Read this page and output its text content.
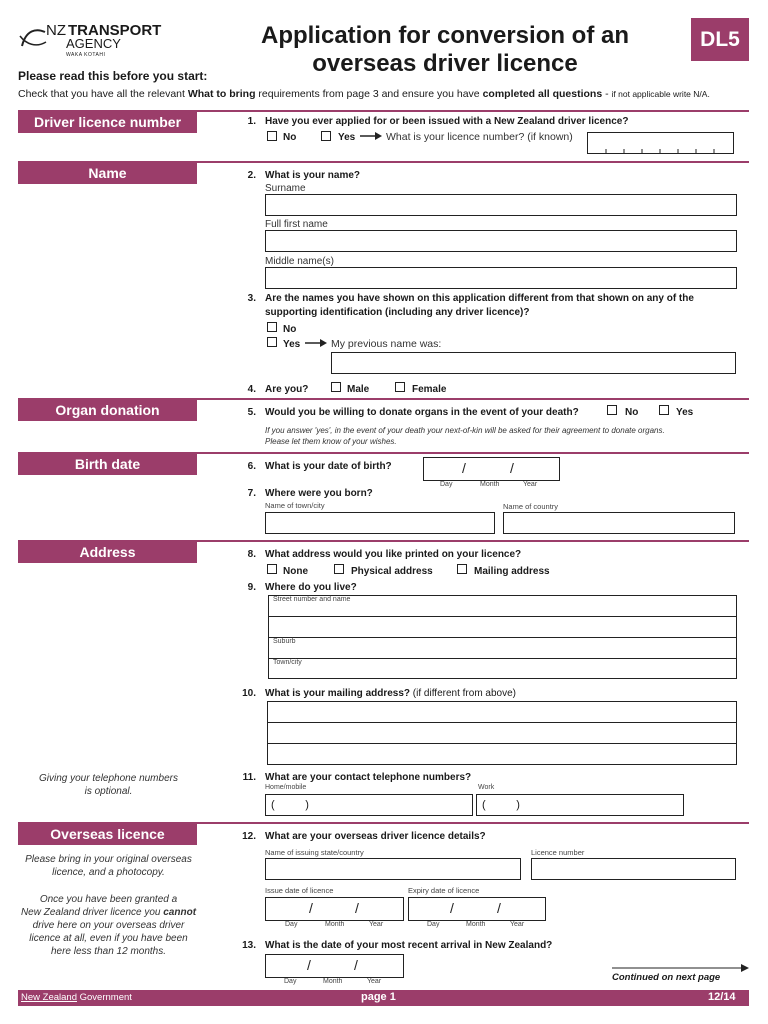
NZ TRANSPORT
AGENCY
WAKA KOTAHI
Application for conversion of an
overseas driver licence
DL5
Please read this before you start:
Check that you have all the relevant What to bring requirements from page 3 and ensure you have completed all questions - if not applicable write N/A.
Driver licence number	1. Have you ever applied for or been issued with a New Zealand driver licence?
No	Yes	What is your licence number? (if known)
Name	2. What is your name?
Surname
Full first name
Middle name(s)
3. Are the names you have shown on this application different from that shown on any of the
supporting identification (including any driver licence)?
No
Yes	My previous name was:
4. Are you?	Male	Female
Organ donation	5. Would you be willing to donate organs in the event of your death?	No	Yes
If you answer 'yes', in the event of your death your next-of-kin will be asked for their agreement to donate organs.
Please let them know of your wishes.
Birth date	6. What is your date of birth?	/	/
Day	Month	Year
7. Where were you born?
Name of town/city	Name of country
Address	8. What address would you like printed on your licence?
None	Physical address	Mailing address
9. Where do you live?
Street number and name
Suburb
Town/city
10. What is your mailing address? (if different from above)
Giving your telephone numbers
is optional.
11. What are your contact telephone numbers?
Home/mobile	Work
(          )	(          )
Overseas licence
Please bring in your original overseas
licence, and a photocopy.
Once you have been granted a
New Zealand driver licence you cannot
drive here on your overseas driver
licence at all, even if you have been
here less than 12 months.
12. What are your overseas driver licence details?
Name of issuing state/country	Licence number
Issue date of licence	Expiry date of licence
/	/
Day	Month	Year
/	/
Day	Month	Year
13. What is the date of your most recent arrival in New Zealand?
/	/
Day	Month	Year	Continued on next page
New Zealand Government	page 1	12/14
